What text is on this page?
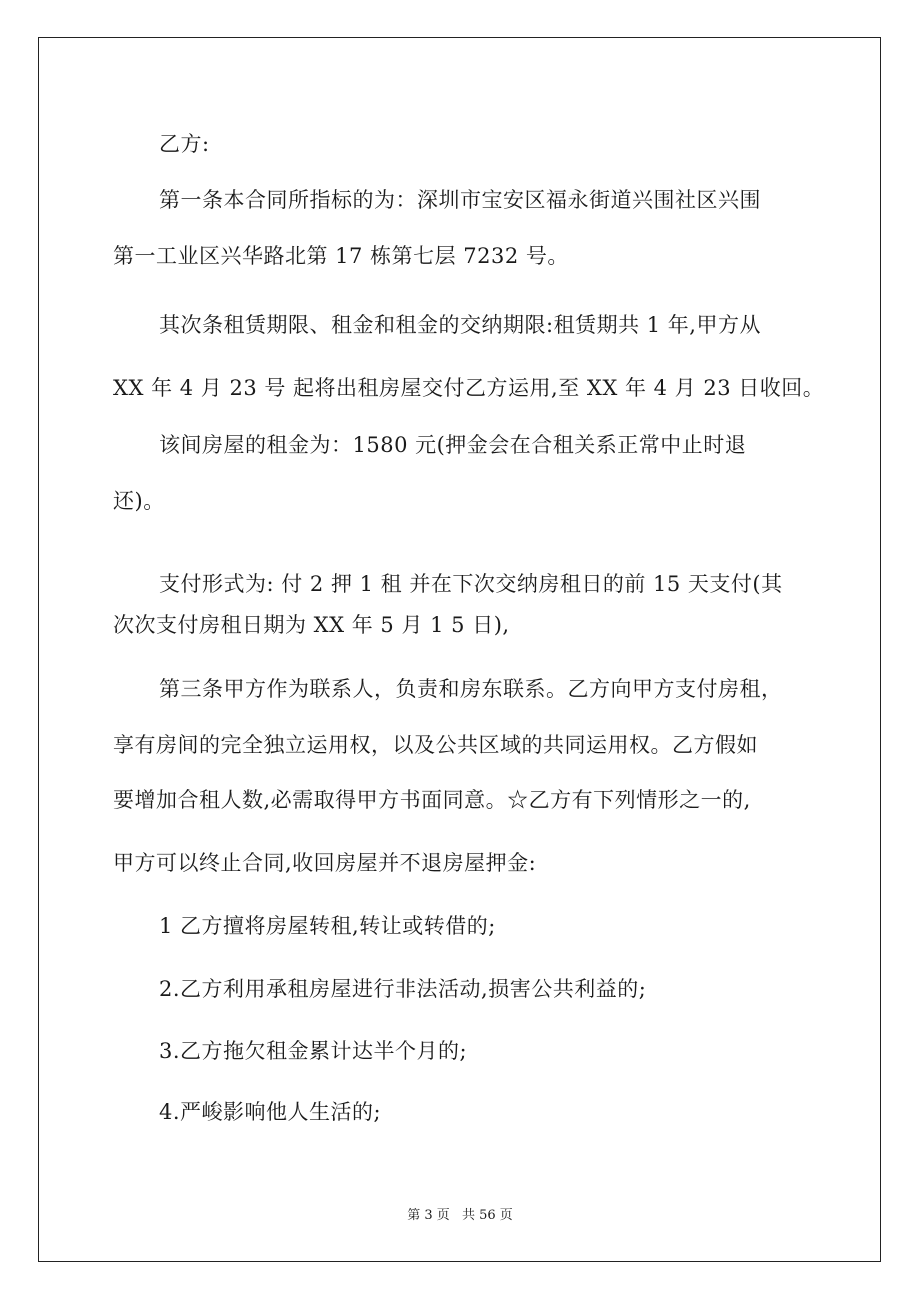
乙方:
第一条本合同所指标的为：深圳市宝安区福永街道兴围社区兴围
第一工业区兴华路北第 17 栋第七层 7232 号。
其次条租赁期限、租金和租金的交纳期限:租赁期共 1 年,甲方从
XX 年 4 月 23 号 起将出租房屋交付乙方运用,至 XX 年 4 月 23 日收回。
该间房屋的租金为：1580 元(押金会在合租关系正常中止时退
还)。
支付形式为: 付 2 押 1 租 并在下次交纳房租日的前 15 天支付(其
次次支付房租日期为 XX 年 5 月 1 5 日),
第三条甲方作为联系人，负责和房东联系。乙方向甲方支付房租，
享有房间的完全独立运用权，以及公共区域的共同运用权。乙方假如
要增加合租人数,必需取得甲方书面同意。☆乙方有下列情形之一的,
甲方可以终止合同,收回房屋并不退房屋押金:
1 乙方擅将房屋转租,转让或转借的;
2.乙方利用承租房屋进行非法活动,损害公共利益的;
3.乙方拖欠租金累计达半个月的;
4.严峻影响他人生活的;
第 3 页 共 56 页
